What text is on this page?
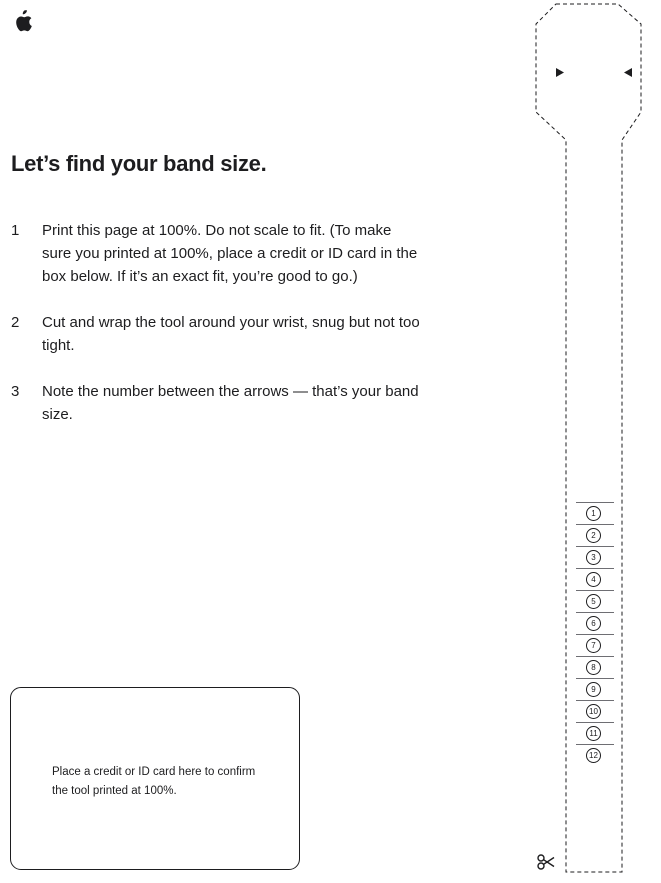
Let’s find your band size.
1	Print this page at 100%. Do not scale to fit. (To make sure you printed at 100%, place a credit or ID card in the box below. If it’s an exact fit, you’re good to go.)
2	Cut and wrap the tool around your wrist, snug but not too tight.
3	Note the number between the arrows — that’s your band size.
Place a credit or ID card here to confirm the tool printed at 100%.
1
2
3
4
5
6
7
8
9
10
11
12
